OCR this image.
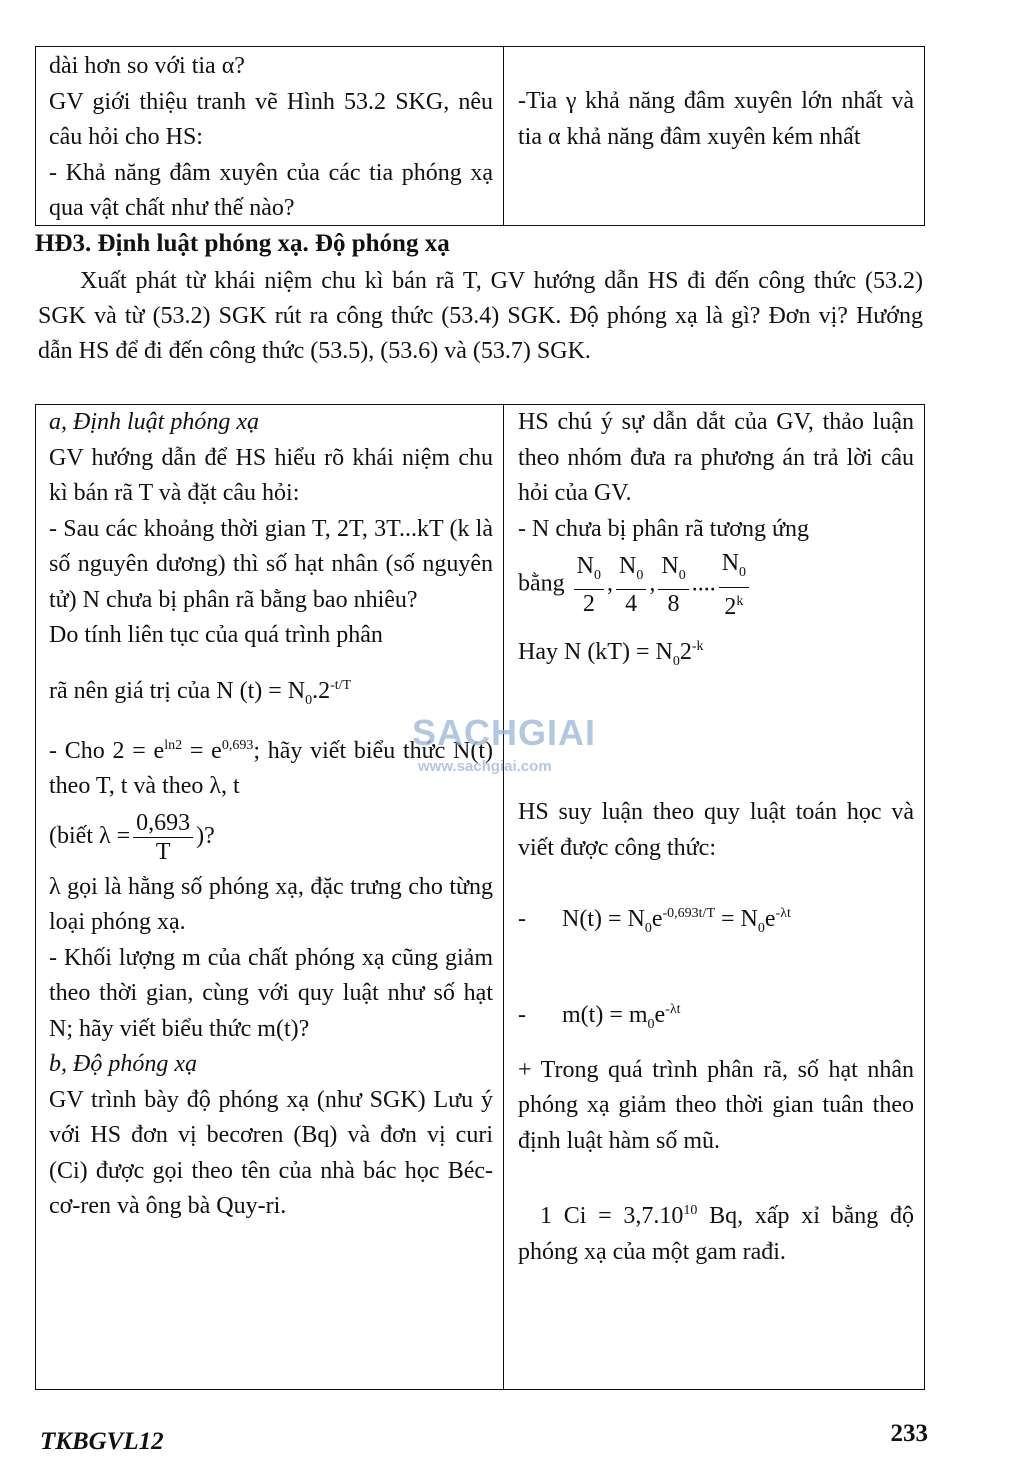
dài hơn so với tia α?

GV giới thiệu tranh vẽ Hình 53.2 SKG, nêu câu hỏi cho HS:

- Khả năng đâm xuyên của các tia phóng xạ qua vật chất như thế nào?

-Tia γ khả năng đâm xuyên lớn nhất và tia α khả năng đâm xuyên kém nhất

HĐ3. Định luật phóng xạ. Độ phóng xạ

Xuất phát từ khái niệm chu kì bán rã T, GV hướng dẫn HS đi đến công thức (53.2) SGK và từ (53.2) SGK rút ra công thức (53.4) SGK. Độ phóng xạ là gì? Đơn vị? Hướng dẫn HS để đi đến công thức (53.5), (53.6) và (53.7) SGK.

a, Định luật phóng xạ

GV hướng dẫn để HS hiểu rõ khái niệm chu kì bán rã T và đặt câu hỏi:

- Sau các khoảng thời gian T, 2T, 3T...kT (k là số nguyên dương) thì số hạt nhân (số nguyên tử) N chưa bị phân rã bằng bao nhiêu?

Do tính liên tục của quá trình phân

rã nên giá trị của N $(t) = N_0.2^{-t/T}$

- Cho $2 = e^{ln2} = e^{0,693}$; hãy viết biểu thức N(t) theo T, t và theo λ, t

(biết $\lambda = \frac{0,693}{T}$ )?

λ gọi là hằng số phóng xạ, đặc trưng cho từng loại phóng xạ.

- Khối lượng m của chất phóng xạ cũng giảm theo thời gian, cùng với quy luật như số hạt N; hãy viết biểu thức m(t)?

b, Độ phóng xạ

GV trình bày độ phóng xạ (như SGK) Lưu ý với HS đơn vị becơren (Bq) và đơn vị curi (Ci) được gọi theo tên của nhà bác học Béc-cơ-ren và ông bà Quy-ri.

HS chú ý sự dẫn dắt của GV, thảo luận theo nhóm đưa ra phương án trả lời câu hỏi của GV.

- N chưa bị phân rã tương ứng

bằng $\frac{N_0}{2}$ , $\frac{N_0}{4}$ , $\frac{N_0}{8}$ .... $\frac{N_0}{2^k}$

Hay N $(kT) = N_02^{-k}$

HS suy luận theo quy luật toán học và viết được công thức:

-      $N(t) = N_0e^{-0,693t/T} = N_0e^{-\lambda t}$

-      $m(t) = m_0e^{-\lambda t}$

+ Trong quá trình phân rã, số hạt nhân phóng xạ giảm theo thời gian tuân theo định luật hàm số mũ.

1 $Ci = 3,7.10^{10}$ Bq, xấp xỉ bằng độ phóng xạ của một gam rađi.

SACHGIAI
www.sachgiai.com
TKBGVL12	233
